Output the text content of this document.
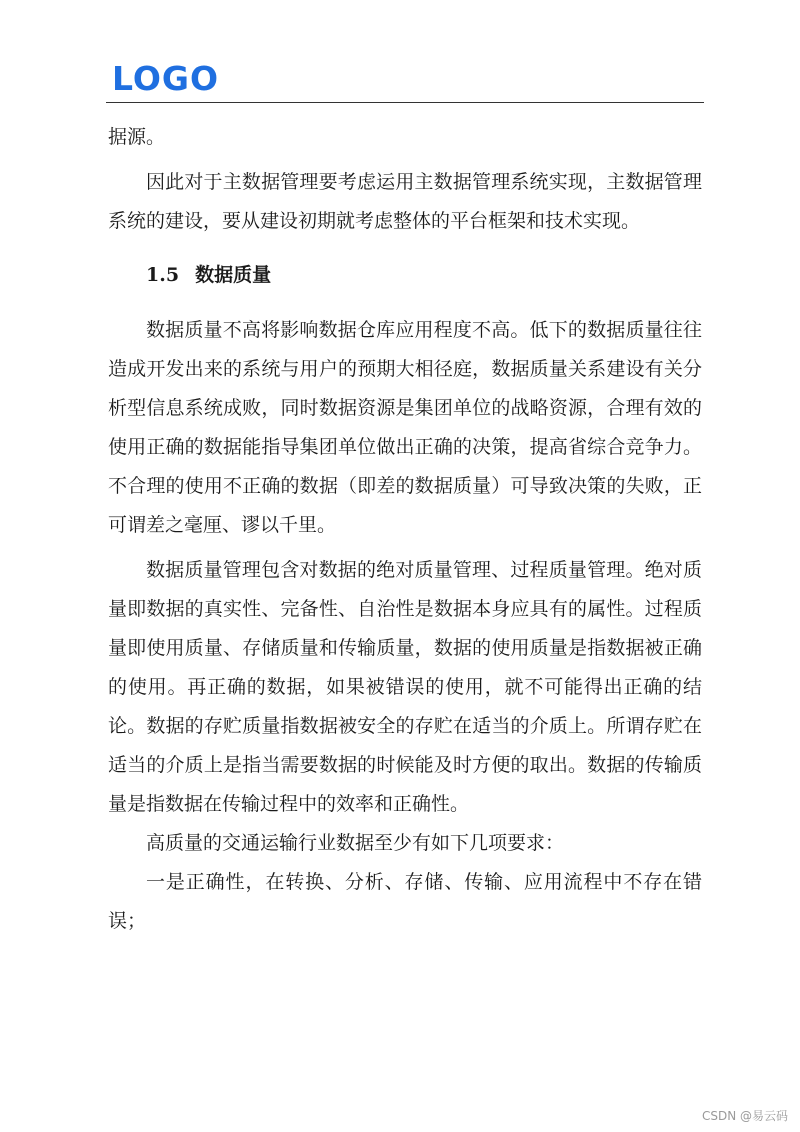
LOGO

据源。

因此对于主数据管理要考虑运用主数据管理系统实现，主数据管理系统的建设，要从建设初期就考虑整体的平台框架和技术实现。

1.5 数据质量

数据质量不高将影响数据仓库应用程度不高。低下的数据质量往往造成开发出来的系统与用户的预期大相径庭，数据质量关系建设有关分析型信息系统成败，同时数据资源是集团单位的战略资源，合理有效的使用正确的数据能指导集团单位做出正确的决策，提高省综合竞争力。不合理的使用不正确的数据（即差的数据质量）可导致决策的失败，正可谓差之毫厘、谬以千里。

数据质量管理包含对数据的绝对质量管理、过程质量管理。绝对质量即数据的真实性、完备性、自治性是数据本身应具有的属性。过程质量即使用质量、存储质量和传输质量，数据的使用质量是指数据被正确的使用。再正确的数据，如果被错误的使用，就不可能得出正确的结论。数据的存贮质量指数据被安全的存贮在适当的介质上。所谓存贮在适当的介质上是指当需要数据的时候能及时方便的取出。数据的传输质量是指数据在传输过程中的效率和正确性。

高质量的交通运输行业数据至少有如下几项要求：

一是正确性，在转换、分析、存储、传输、应用流程中不存在错误；

CSDN @易云码
